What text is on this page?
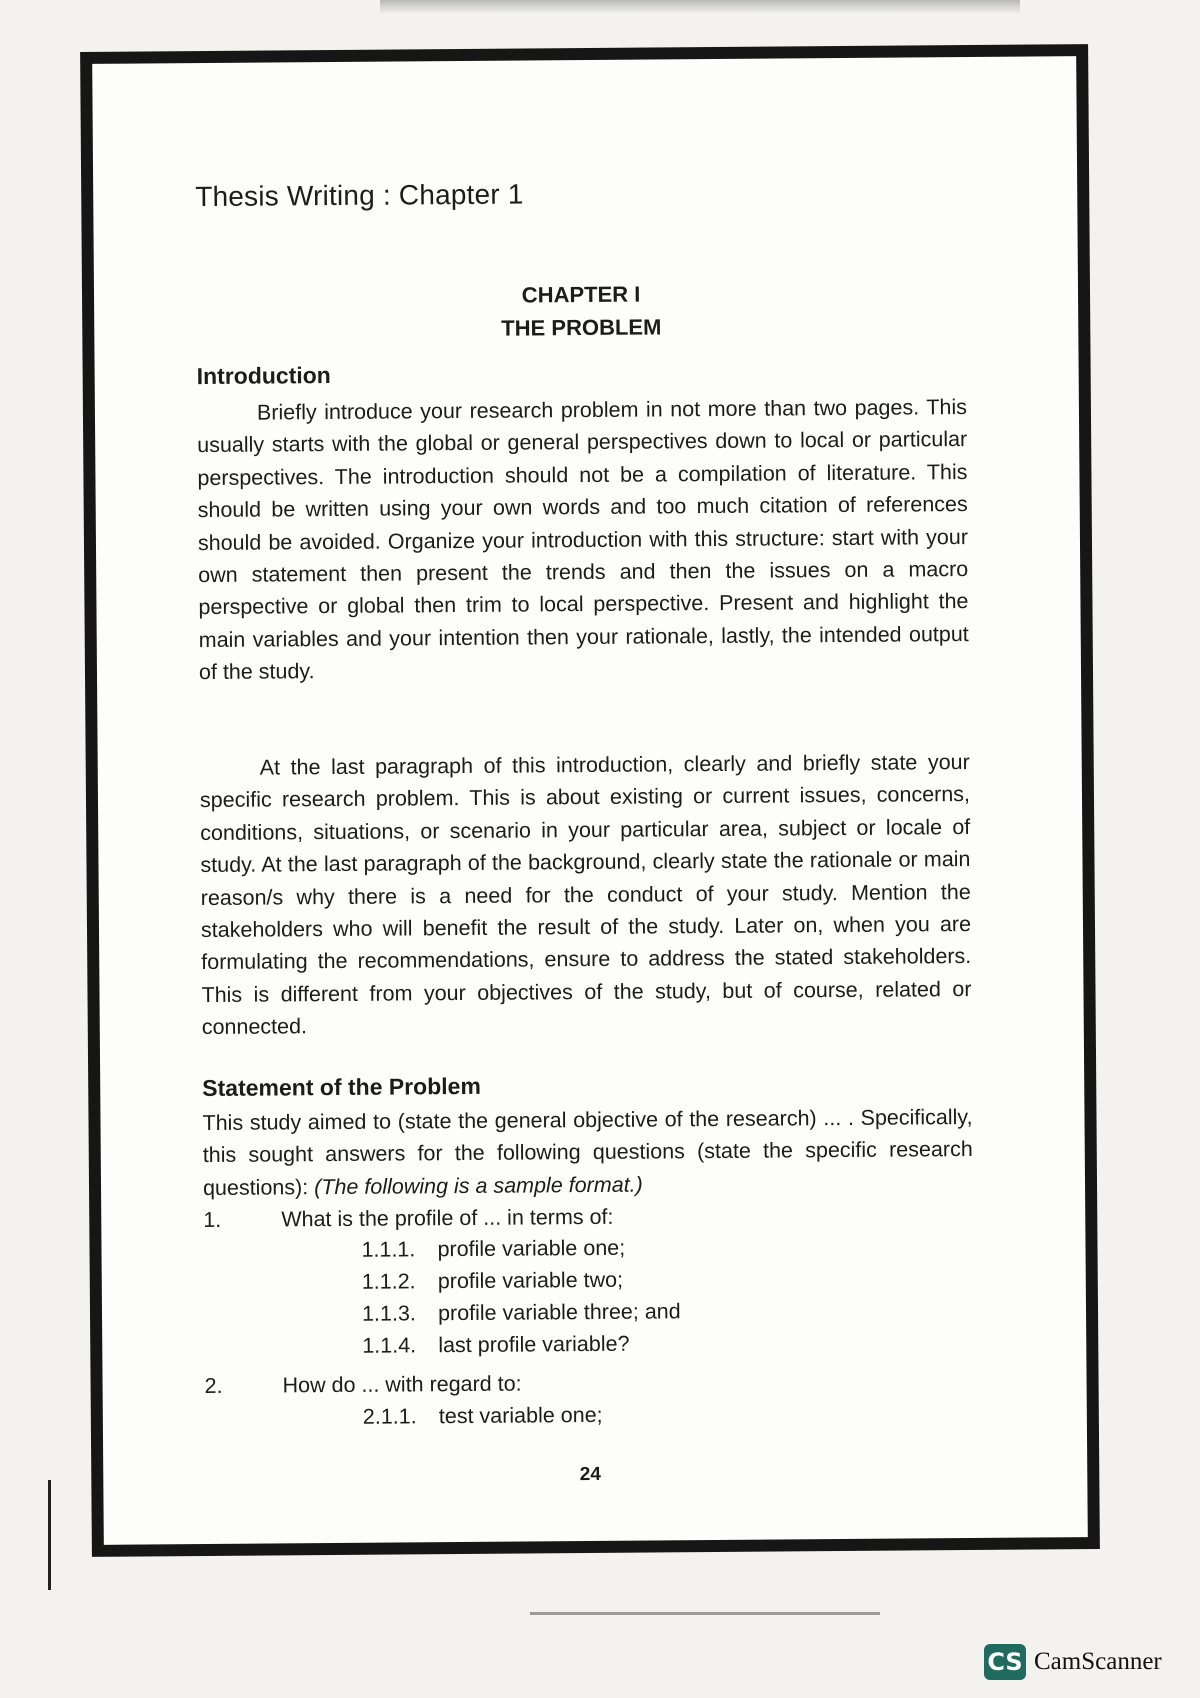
Thesis Writing : Chapter 1
CHAPTER I
THE PROBLEM
Introduction
Briefly introduce your research problem in not more than two pages. This usually starts with the global or general perspectives down to local or particular perspectives. The introduction should not be a compilation of literature. This should be written using your own words and too much citation of references should be avoided. Organize your introduction with this structure: start with your own statement then present the trends and then the issues on a macro perspective or global then trim to local perspective. Present and highlight the main variables and your intention then your rationale, lastly, the intended output of the study.
At the last paragraph of this introduction, clearly and briefly state your specific research problem. This is about existing or current issues, concerns, conditions, situations, or scenario in your particular area, subject or locale of study. At the last paragraph of the background, clearly state the rationale or main reason/s why there is a need for the conduct of your study. Mention the stakeholders who will benefit the result of the study. Later on, when you are formulating the recommendations, ensure to address the stated stakeholders. This is different from your objectives of the study, but of course, related or connected.
Statement of the Problem
This study aimed to (state the general objective of the research) ... . Specifically, this sought answers for the following questions (state the specific research questions): (The following is a sample format.)
1.	What is the profile of ... in terms of:
1.1.1. profile variable one;
1.1.2. profile variable two;
1.1.3. profile variable three; and
1.1.4. last profile variable?
2.	How do ... with regard to:
2.1.1. test variable one;
24
CS CamScanner
